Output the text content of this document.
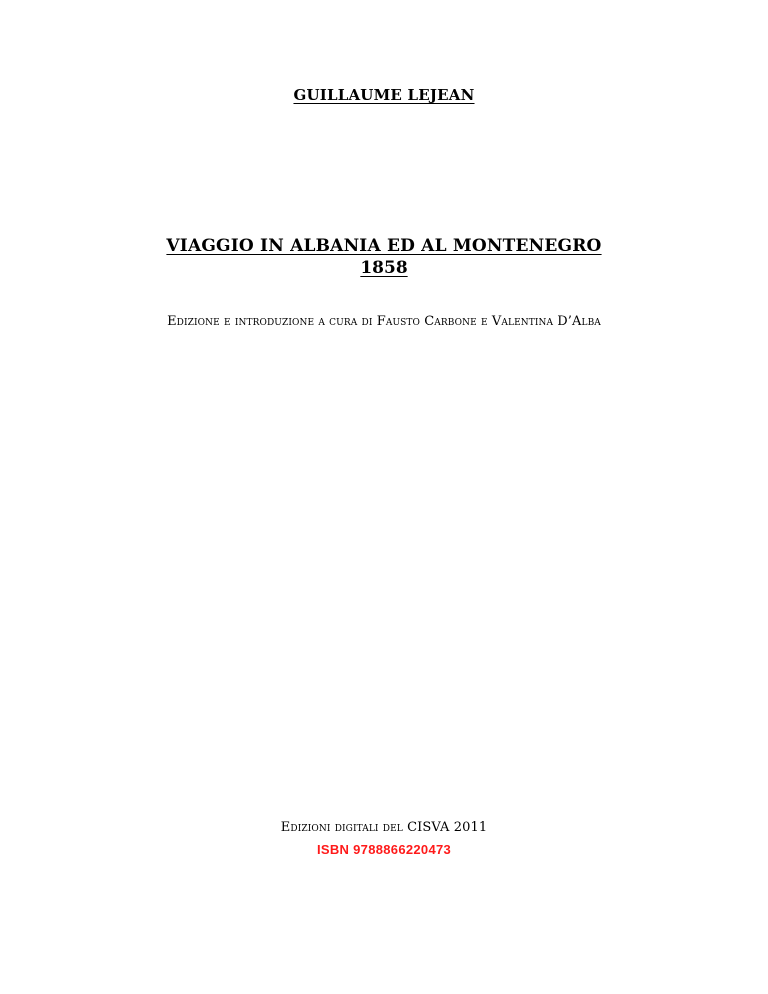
GUILLAUME LEJEAN
VIAGGIO IN ALBANIA ED AL MONTENEGRO
1858
Edizione e introduzione a cura di Fausto Carbone e Valentina D’Alba
Edizioni digitali del CISVA 2011
ISBN 9788866220473
